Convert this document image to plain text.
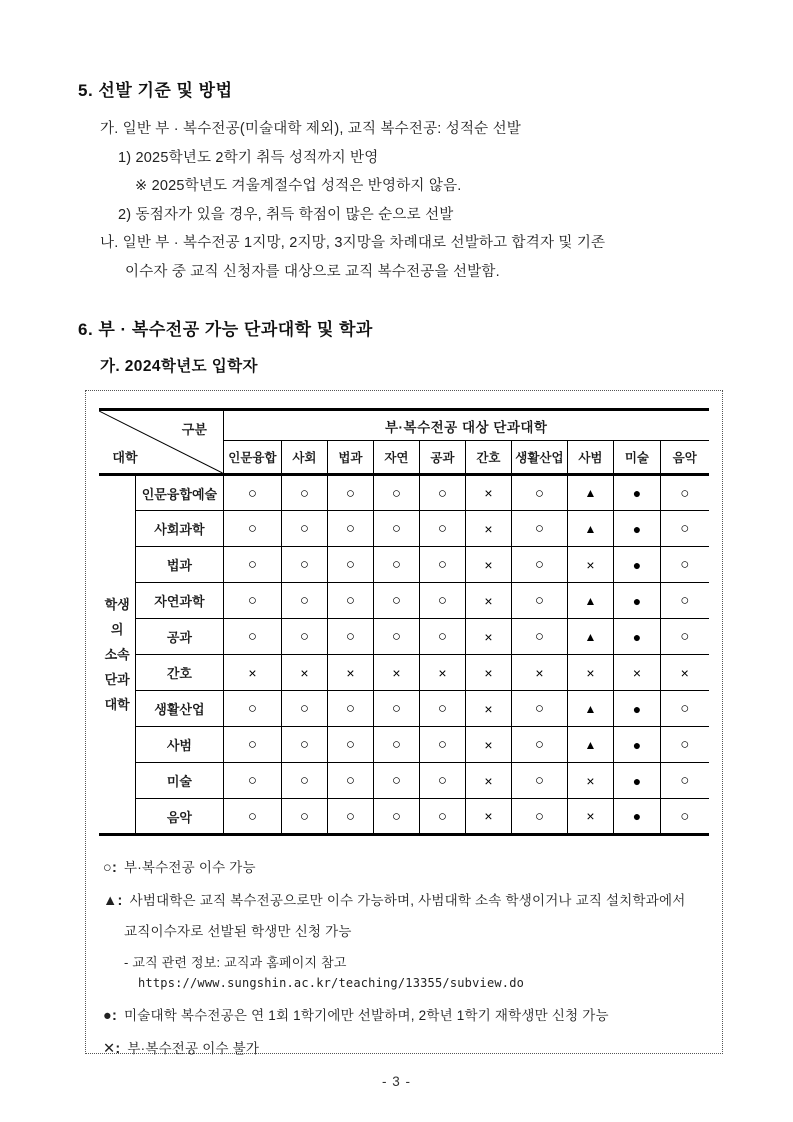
5. 선발 기준 및 방법
가. 일반 부 · 복수전공(미술대학 제외), 교직 복수전공: 성적순 선발
1) 2025학년도 2학기 취득 성적까지 반영
※ 2025학년도 겨울계절수업 성적은 반영하지 않음.
2) 동점자가 있을 경우, 취득 학점이 많은 순으로 선발
나. 일반 부 · 복수전공 1지망, 2지망, 3지망을 차례대로 선발하고 합격자 및 기존
이수자 중 교직 신청자를 대상으로 교직 복수전공을 선발함.
6. 부 · 복수전공 가능 단과대학 및 학과
가. 2024학년도 입학자
구분
대학		부·복수전공 대상 단과대학									
		인문융합	사회	법과	자연	공과	간호	생활산업	사범	미술	음악

학생의
소속
단과
대학	인문융합예술	○	○	○	○	○	×	○	▲	●	○
	사회과학	○	○	○	○	○	×	○	▲	●	○
	법과	○	○	○	○	○	×	○	×	●	○
	자연과학	○	○	○	○	○	×	○	▲	●	○
	공과	○	○	○	○	○	×	○	▲	●	○
	간호	×	×	×	×	×	×	×	×	×	×
	생활산업	○	○	○	○	○	×	○	▲	●	○
	사범	○	○	○	○	○	×	○	▲	●	○
	미술	○	○	○	○	○	×	○	×	●	○
	음악	○	○	○	○	○	×	○	×	●	○
○: 부·복수전공 이수 가능
▲: 사범대학은 교직 복수전공으로만 이수 가능하며, 사범대학 소속 학생이거나 교직 설치학과에서
교직이수자로 선발된 학생만 신청 가능
- 교직 관련 정보: 교직과 홈페이지 참고https://www.sungshin.ac.kr/teaching/13355/subview.do
●: 미술대학 복수전공은 연 1회 1학기에만 선발하며, 2학년 1학기 재학생만 신청 가능
✕: 부·복수전공 이수 불가
- 3 -
